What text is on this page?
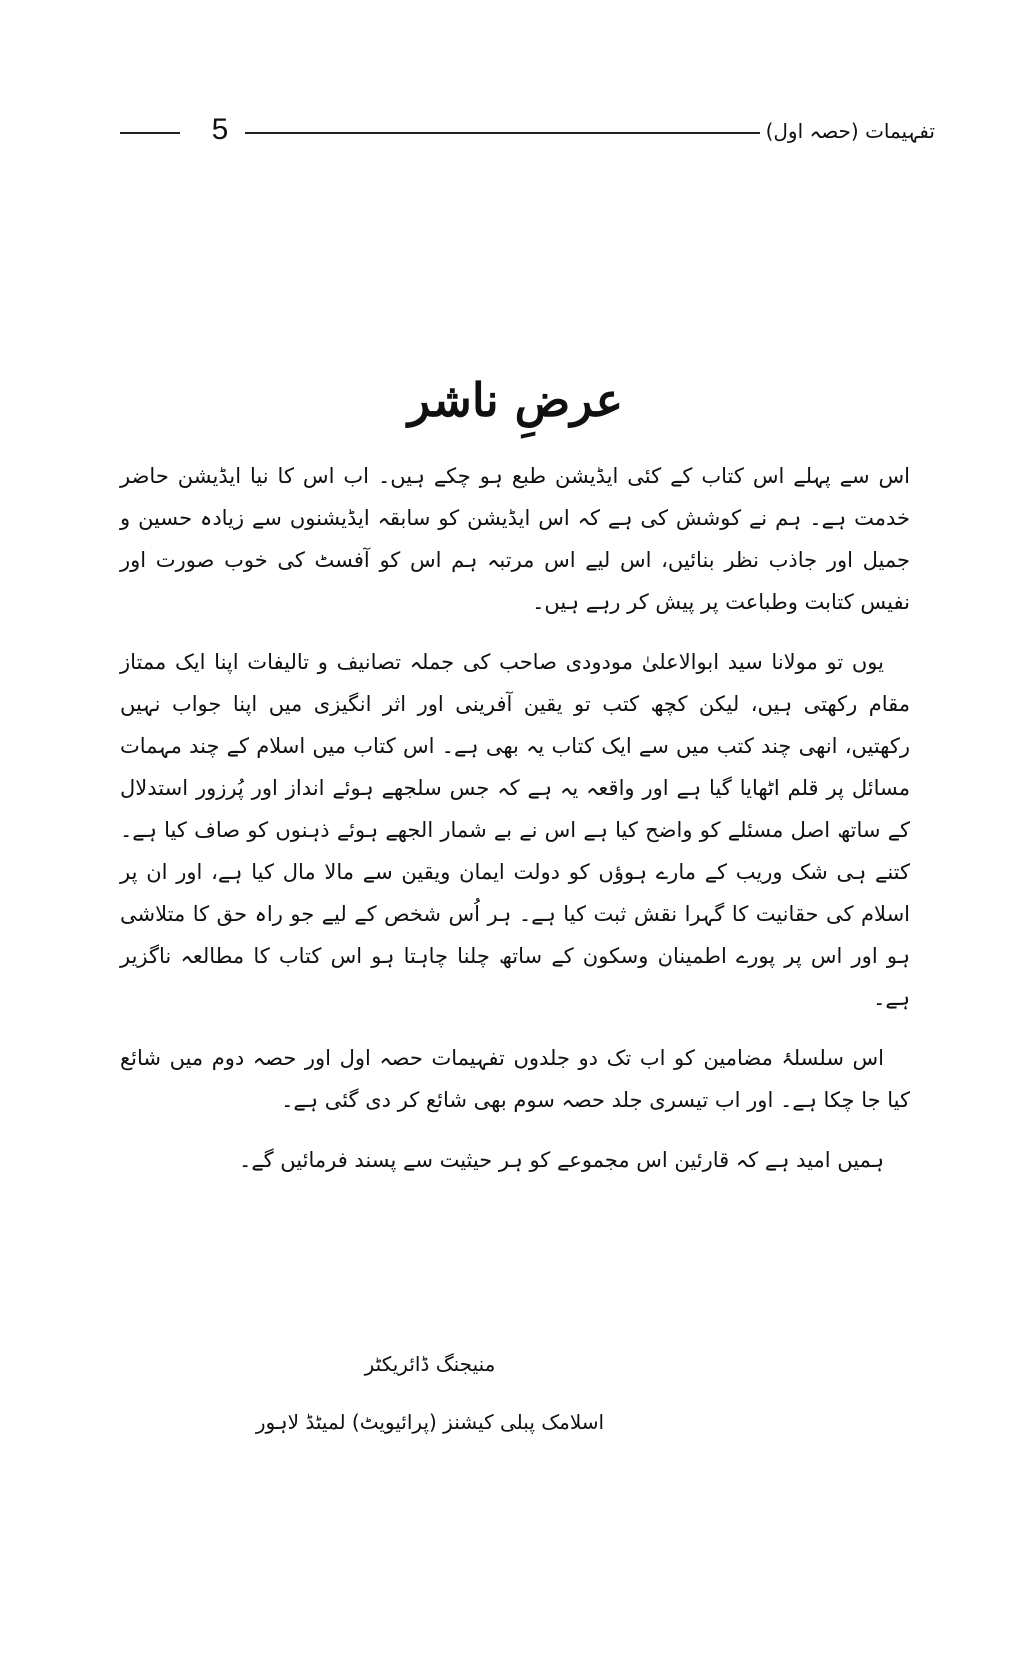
5	تفہیمات (حصہ اول)
عرضِ ناشر

اس سے پہلے اس کتاب کے کئی ایڈیشن طبع ہو چکے ہیں۔ اب اس کا نیا ایڈیشن حاضر خدمت ہے۔ ہم نے کوشش کی ہے کہ اس ایڈیشن کو سابقہ ایڈیشنوں سے زیادہ حسین و جمیل اور جاذب نظر بنائیں، اس لیے اس مرتبہ ہم اس کو آفسٹ کی خوب صورت اور نفیس کتابت وطباعت پر پیش کر رہے ہیں۔

یوں تو مولانا سید ابوالاعلیٰ مودودی صاحب کی جملہ تصانیف و تالیفات اپنا ایک ممتاز مقام رکھتی ہیں، لیکن کچھ کتب تو یقین آفرینی اور اثر انگیزی میں اپنا جواب نہیں رکھتیں، انھی چند کتب میں سے ایک کتاب یہ بھی ہے۔ اس کتاب میں اسلام کے چند مہمات مسائل پر قلم اٹھایا گیا ہے اور واقعہ یہ ہے کہ جس سلجھے ہوئے انداز اور پُرزور استدلال کے ساتھ اصل مسئلے کو واضح کیا ہے اس نے بے شمار الجھے ہوئے ذہنوں کو صاف کیا ہے۔ کتنے ہی شک وریب کے مارے ہوؤں کو دولت ایمان ویقین سے مالا مال کیا ہے، اور ان پر اسلام کی حقانیت کا گہرا نقش ثبت کیا ہے۔ ہر اُس شخص کے لیے جو راہ حق کا متلاشی ہو اور اس پر پورے اطمینان وسکون کے ساتھ چلنا چاہتا ہو اس کتاب کا مطالعہ ناگزیر ہے۔

اس سلسلۂ مضامین کو اب تک دو جلدوں تفہیمات حصہ اول اور حصہ دوم میں شائع کیا جا چکا ہے۔ اور اب تیسری جلد حصہ سوم بھی شائع کر دی گئی ہے۔

ہمیں امید ہے کہ قارئین اس مجموعے کو ہر حیثیت سے پسند فرمائیں گے۔

منیجنگ ڈائریکٹر
اسلامک پبلی کیشنز (پرائیویٹ) لمیٹڈ لاہور
